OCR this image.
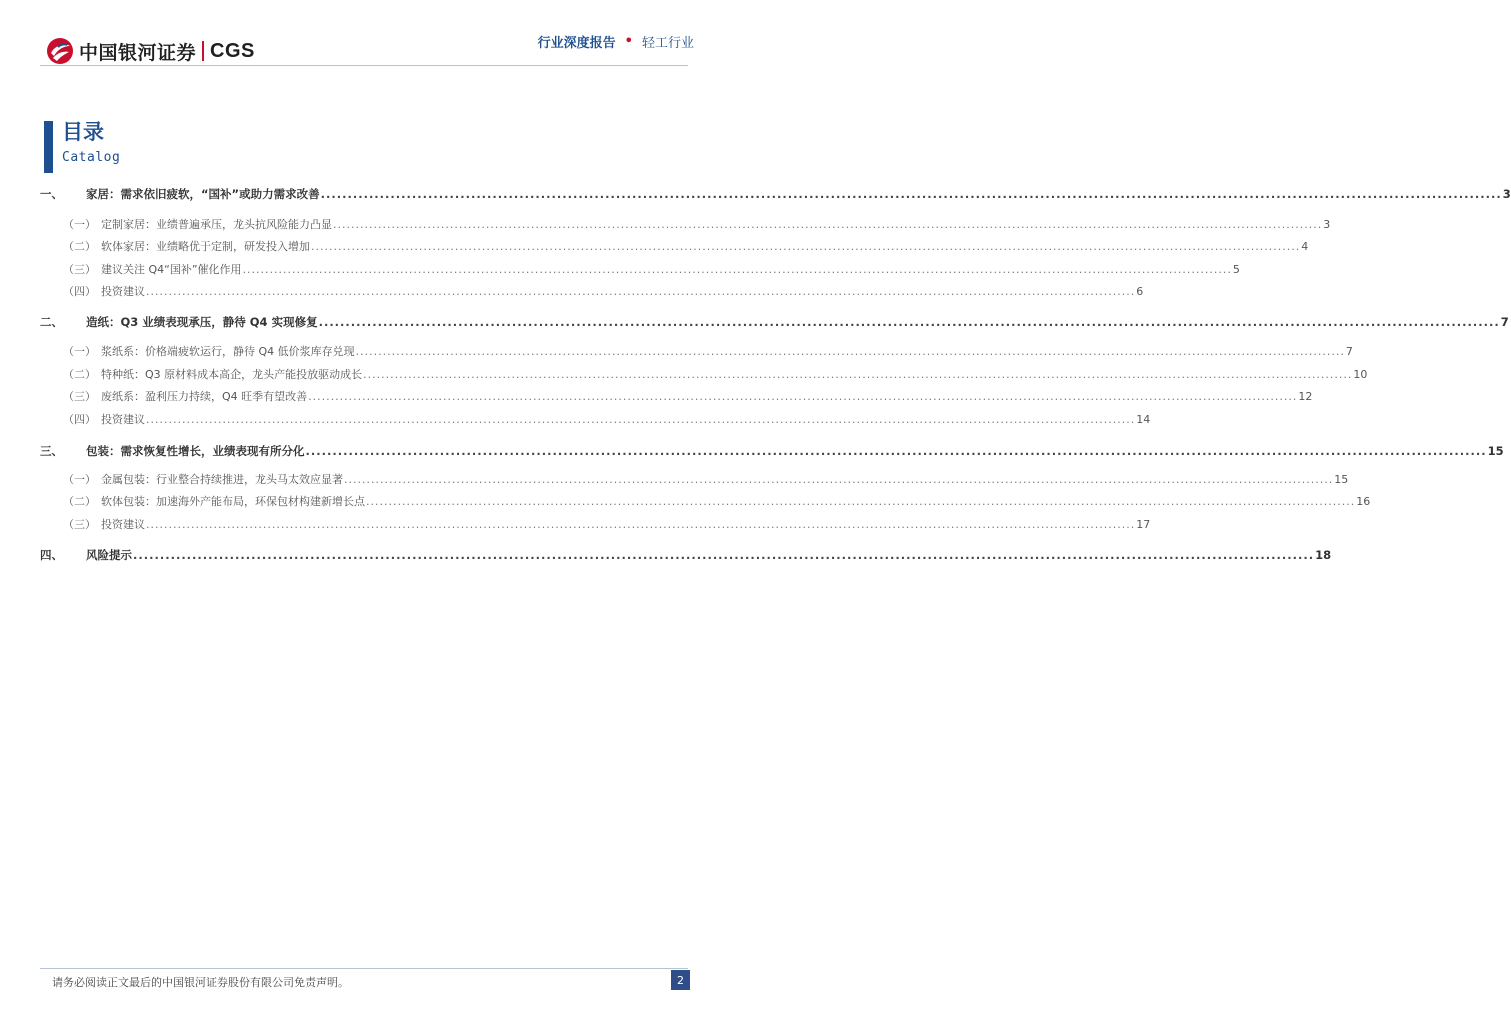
中国银河证券 CGS	行业深度报告 • 轻工行业
目录
Catalog
一、	家居：需求依旧疲软，“国补”或助力需求改善 ............................................................................................................................................................................................................................ 3
（一） 定制家居：业绩普遍承压，龙头抗风险能力凸显 ............................................................................................................................................................................................................................ 3
（二） 软体家居：业绩略优于定制，研发投入增加 ............................................................................................................................................................................................................................ 4
（三） 建议关注 Q4“国补”催化作用 ............................................................................................................................................................................................................................ 5
（四） 投资建议 ............................................................................................................................................................................................................................ 6
二、	造纸：Q3 业绩表现承压，静待 Q4 实现修复 ............................................................................................................................................................................................................................ 7
（一） 浆纸系：价格端疲软运行，静待 Q4 低价浆库存兑现 ............................................................................................................................................................................................................................ 7
（二） 特种纸：Q3 原材料成本高企，龙头产能投放驱动成长 ............................................................................................................................................................................................................................ 10
（三） 废纸系：盈利压力持续，Q4 旺季有望改善 ............................................................................................................................................................................................................................ 12
（四） 投资建议 ............................................................................................................................................................................................................................ 14
三、	包装：需求恢复性增长，业绩表现有所分化 ............................................................................................................................................................................................................................ 15
（一） 金属包装：行业整合持续推进，龙头马太效应显著 ............................................................................................................................................................................................................................ 15
（二） 软体包装：加速海外产能布局，环保包材构建新增长点 ............................................................................................................................................................................................................................ 16
（三） 投资建议 ............................................................................................................................................................................................................................ 17
四、	风险提示 ............................................................................................................................................................................................................................ 18
请务必阅读正文最后的中国银河证券股份有限公司免责声明。	2
